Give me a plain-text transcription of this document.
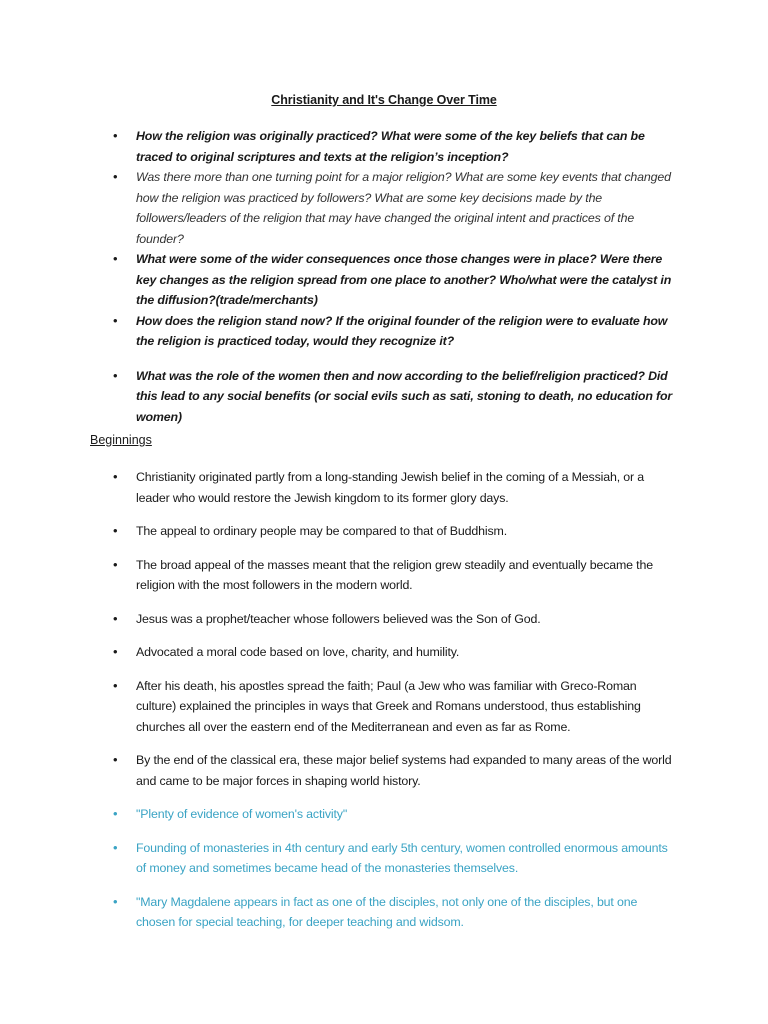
Christianity and It's Change Over Time
• How the religion was originally practiced? What were some of the key beliefs that can be traced to original scriptures and texts at the religion’s inception?
• Was there more than one turning point for a major religion? What are some key events that changed how the religion was practiced by followers? What are some key decisions made by the followers/leaders of the religion that may have changed the original intent and practices of the founder?
• What were some of the wider consequences once those changes were in place? Were there key changes as the religion spread from one place to another? Who/what were the catalyst in the diffusion?(trade/merchants)
• How does the religion stand now? If the original founder of the religion were to evaluate how the religion is practiced today, would they recognize it?
• What was the role of the women then and now according to the belief/religion practiced? Did this lead to any social benefits (or social evils such as sati, stoning to death, no education for women)
Beginnings
• Christianity originated partly from a long-standing Jewish belief in the coming of a Messiah, or a leader who would restore the Jewish kingdom to its former glory days.
• The appeal to ordinary people may be compared to that of Buddhism.
• The broad appeal of the masses meant that the religion grew steadily and eventually became the religion with the most followers in the modern world.
• Jesus was a prophet/teacher whose followers believed was the Son of God.
• Advocated a moral code based on love, charity, and humility.
• After his death, his apostles spread the faith; Paul (a Jew who was familiar with Greco-Roman culture) explained the principles in ways that Greek and Romans understood, thus establishing churches all over the eastern end of the Mediterranean and even as far as Rome.
• By the end of the classical era, these major belief systems had expanded to many areas of the world and came to be major forces in shaping world history.
• "Plenty of evidence of women's activity"
• Founding of monasteries in 4th century and early 5th century, women controlled enormous amounts of money and sometimes became head of the monasteries themselves.
• "Mary Magdalene appears in fact as one of the disciples, not only one of the disciples, but one chosen for special teaching, for deeper teaching and widsom.
